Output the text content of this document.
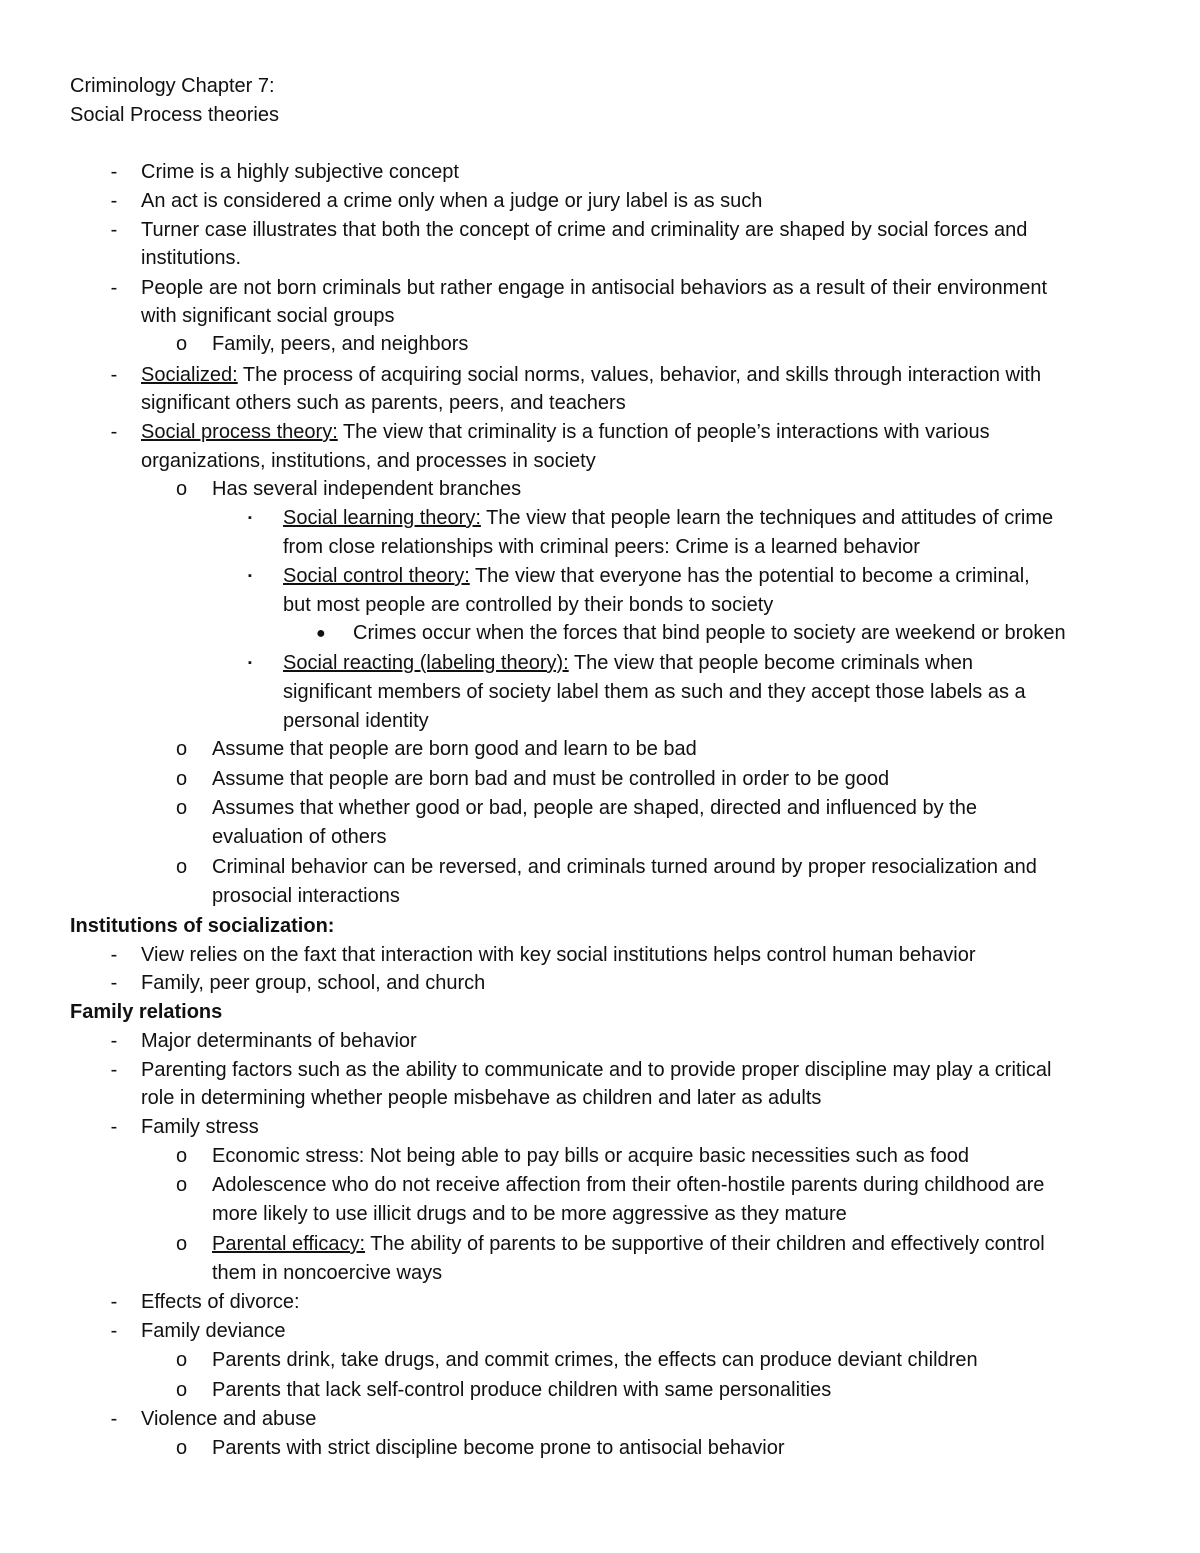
Criminology Chapter 7:
Social Process theories
- Crime is a highly subjective concept
- An act is considered a crime only when a judge or jury label is as such
- Turner case illustrates that both the concept of crime and criminality are shaped by social forces and
institutions.
- People are not born criminals but rather engage in antisocial behaviors as a result of their environment
with significant social groups
o Family, peers, and neighbors
- Socialized: The process of acquiring social norms, values, behavior, and skills through interaction with
significant others such as parents, peers, and teachers
- Social process theory: The view that criminality is a function of people’s interactions with various
organizations, institutions, and processes in society
o Has several independent branches
▪ Social learning theory: The view that people learn the techniques and attitudes of crime
from close relationships with criminal peers: Crime is a learned behavior
▪ Social control theory: The view that everyone has the potential to become a criminal,
but most people are controlled by their bonds to society
● Crimes occur when the forces that bind people to society are weekend or broken
▪ Social reacting (labeling theory): The view that people become criminals when
significant members of society label them as such and they accept those labels as a
personal identity
o Assume that people are born good and learn to be bad
o Assume that people are born bad and must be controlled in order to be good
o Assumes that whether good or bad, people are shaped, directed and influenced by the
evaluation of others
o Criminal behavior can be reversed, and criminals turned around by proper resocialization and
prosocial interactions
Institutions of socialization:
- View relies on the faxt that interaction with key social institutions helps control human behavior
- Family, peer group, school, and church
Family relations
- Major determinants of behavior
- Parenting factors such as the ability to communicate and to provide proper discipline may play a critical
role in determining whether people misbehave as children and later as adults
- Family stress
o Economic stress: Not being able to pay bills or acquire basic necessities such as food
o Adolescence who do not receive affection from their often-hostile parents during childhood are
more likely to use illicit drugs and to be more aggressive as they mature
o Parental efficacy: The ability of parents to be supportive of their children and effectively control
them in noncoercive ways
- Effects of divorce:
- Family deviance
o Parents drink, take drugs, and commit crimes, the effects can produce deviant children
o Parents that lack self-control produce children with same personalities
- Violence and abuse
o Parents with strict discipline become prone to antisocial behavior
